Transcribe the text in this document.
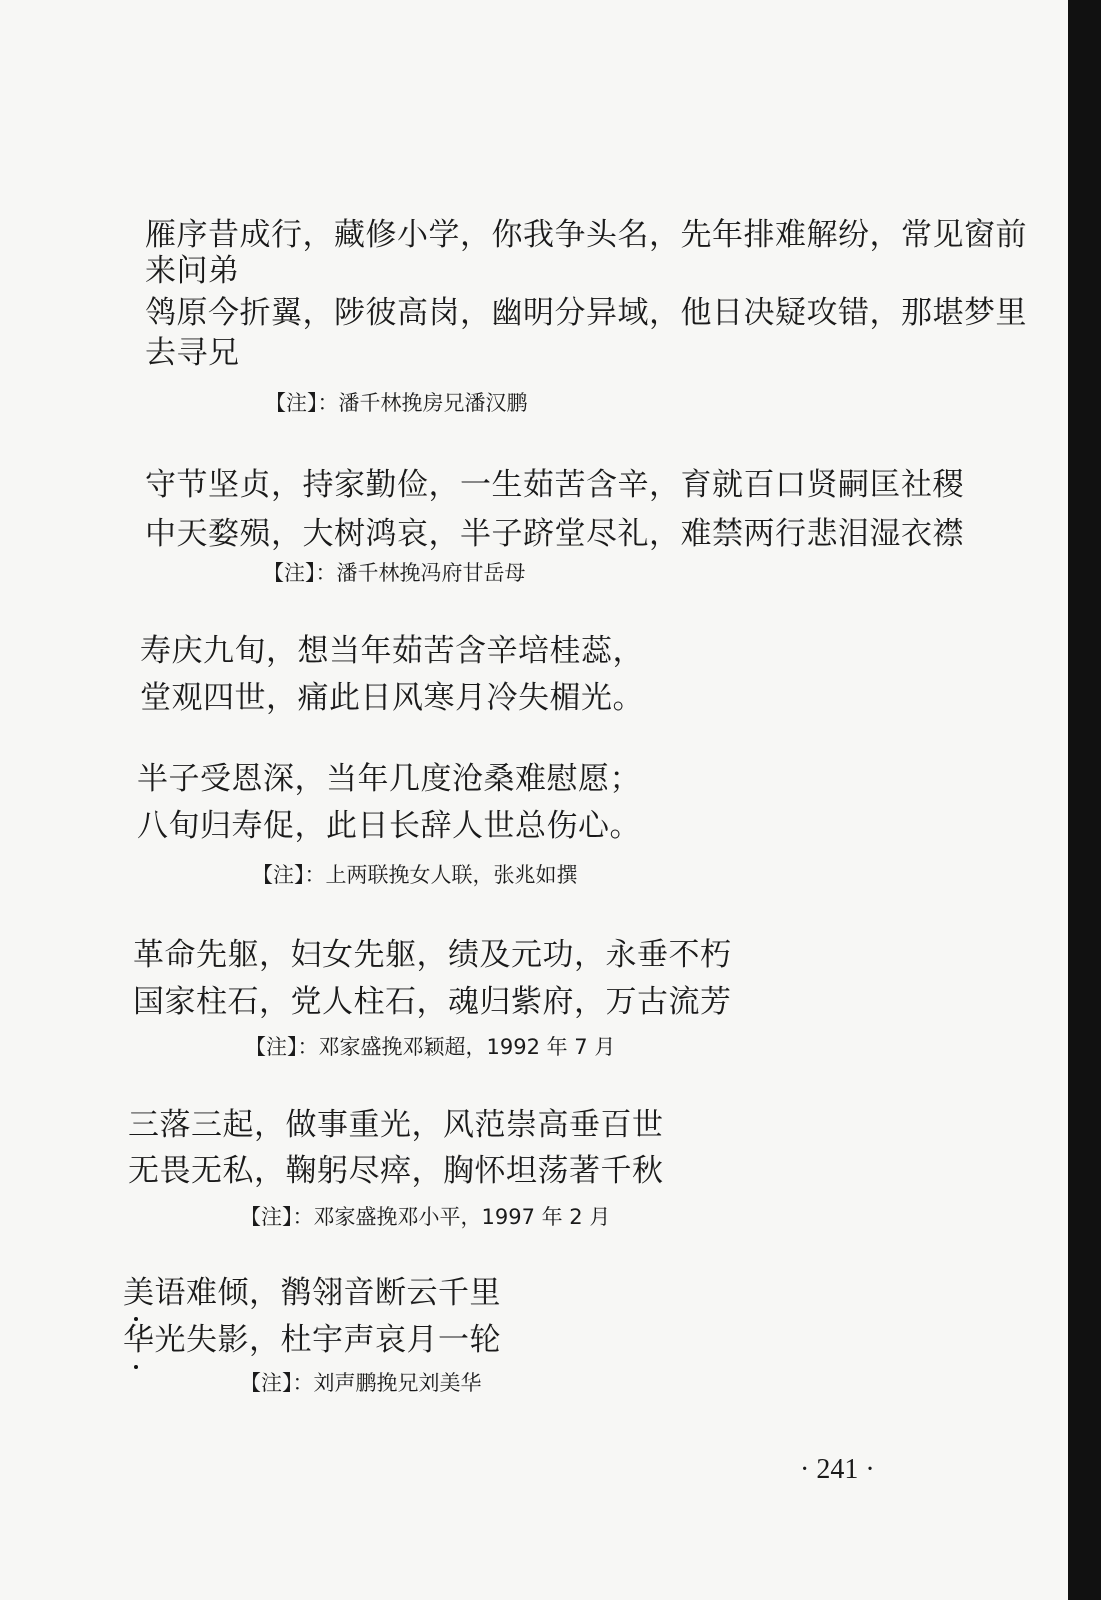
雁序昔成行，藏修小学，你我争头名，先年排难解纷，常见窗前
来问弟
鸰原今折翼，陟彼高岗，幽明分异域，他日决疑攻错，那堪梦里
去寻兄
【注】：潘千林挽房兄潘汉鹏
守节坚贞，持家勤俭，一生茹苦含辛，育就百口贤嗣匡社稷
中天婺殒，大树鸿哀，半子跻堂尽礼，难禁两行悲泪湿衣襟
【注】：潘千林挽冯府甘岳母
寿庆九旬，想当年茹苦含辛培桂蕊，
堂观四世，痛此日风寒月冷失楣光。
半子受恩深，当年几度沧桑难慰愿；
八旬归寿促，此日长辞人世总伤心。
【注】：上两联挽女人联，张兆如撰
革命先躯，妇女先躯，绩及元功，永垂不朽
国家柱石，党人柱石，魂归紫府，万古流芳
【注】：邓家盛挽邓颖超，1992 年 7 月
三落三起，做事重光，风范崇高垂百世
无畏无私，鞠躬尽瘁，胸怀坦荡著千秋
【注】：邓家盛挽邓小平，1997 年 2 月
美语难倾，鹡翎音断云千里
华光失影，杜宇声哀月一轮
【注】：刘声鹏挽兄刘美华
· 241 ·
